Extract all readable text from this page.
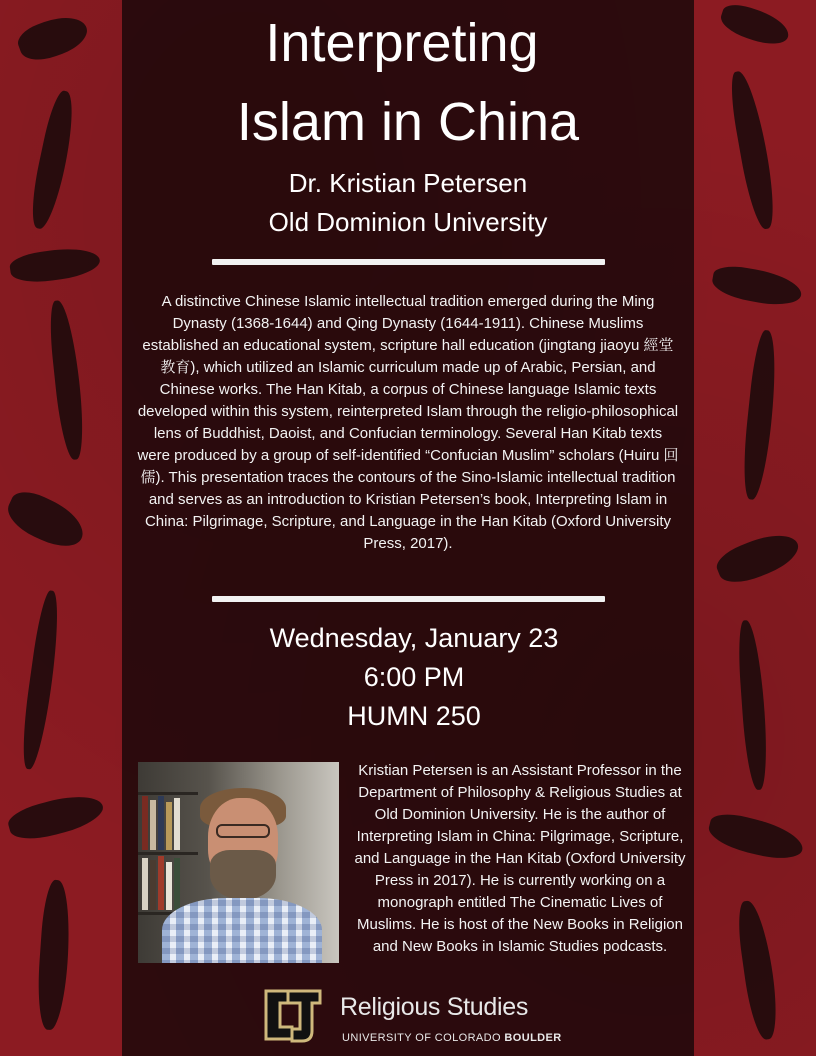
Interpreting
Islam in China
Dr. Kristian Petersen
Old Dominion University
A distinctive Chinese Islamic intellectual tradition emerged during the Ming Dynasty (1368-1644) and Qing Dynasty (1644-1911). Chinese Muslims established an educational system, scripture hall education (jingtang jiaoyu 經堂教育), which utilized an Islamic curriculum made up of Arabic, Persian, and Chinese works. The Han Kitab, a corpus of Chinese language Islamic texts developed within this system, reinterpreted Islam through the religio-philosophical lens of Buddhist, Daoist, and Confucian terminology. Several Han Kitab texts were produced by a group of self-identified “Confucian Muslim” scholars (Huiru 回儒). This presentation traces the contours of the Sino-Islamic intellectual tradition and serves as an introduction to Kristian Petersen’s book, Interpreting Islam in China: Pilgrimage, Scripture, and Language in the Han Kitab (Oxford University Press, 2017).
Wednesday, January 23
6:00 PM
HUMN 250
Kristian Petersen is an Assistant Professor in the Department of Philosophy & Religious Studies at Old Dominion University. He is the author of Interpreting Islam in China: Pilgrimage, Scripture, and Language in the Han Kitab (Oxford University Press in 2017). He is currently working on a monograph entitled The Cinematic Lives of Muslims. He is host of the New Books in Religion and New Books in Islamic Studies podcasts.
Religious Studies
UNIVERSITY OF COLORADO BOULDER
